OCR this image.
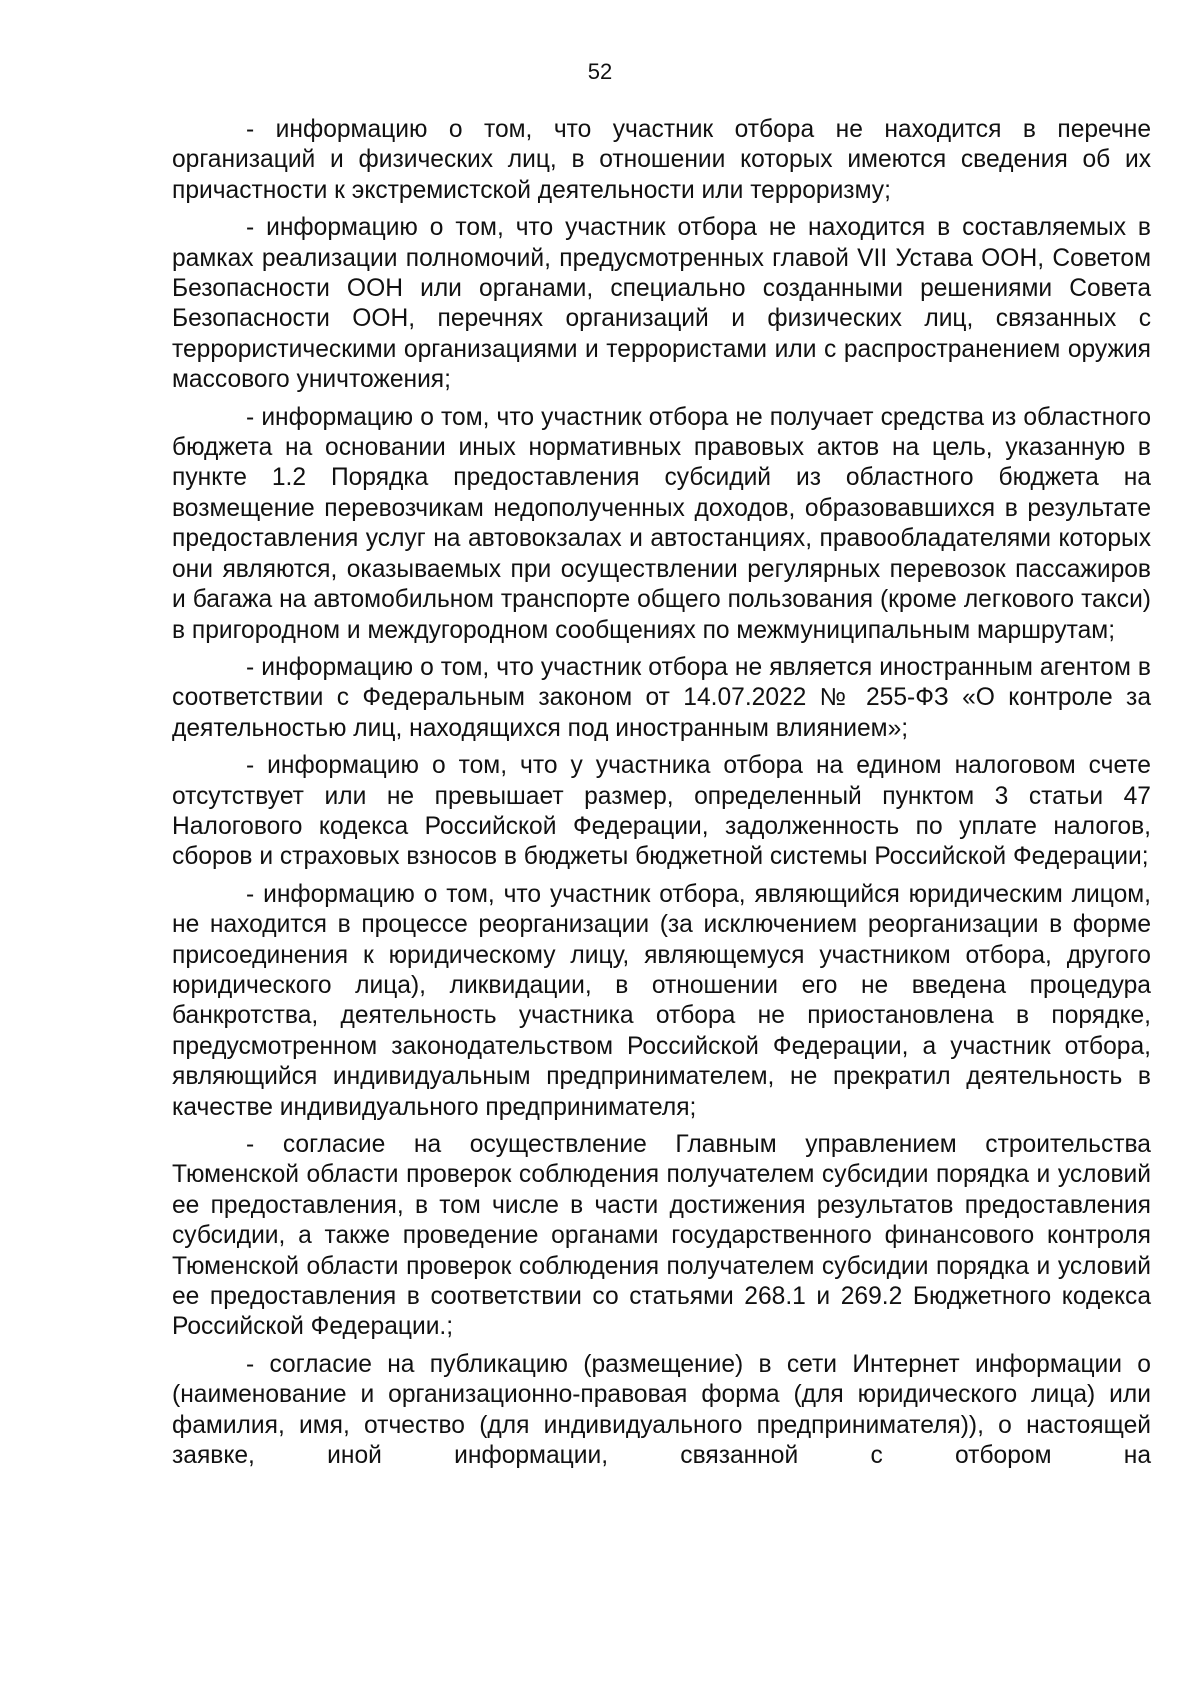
52

- информацию о том, что участник отбора не находится в перечне организаций и физических лиц, в отношении которых имеются сведения об их причастности к экстремистской деятельности или терроризму;

- информацию о том, что участник отбора не находится в составляемых в рамках реализации полномочий, предусмотренных главой VII Устава ООН, Советом Безопасности ООН или органами, специально созданными решениями Совета Безопасности ООН, перечнях организаций и физических лиц, связанных с террористическими организациями и террористами или с распространением оружия массового уничтожения;

- информацию о том, что участник отбора не получает средства из областного бюджета на основании иных нормативных правовых актов на цель, указанную в пункте 1.2 Порядка предоставления субсидий из областного бюджета на возмещение перевозчикам недополученных доходов, образовавшихся в результате предоставления услуг на автовокзалах и автостанциях, правообладателями которых они являются, оказываемых при осуществлении регулярных перевозок пассажиров и багажа на автомобильном транспорте общего пользования (кроме легкового такси) в пригородном и междугородном сообщениях по межмуниципальным маршрутам;

- информацию о том, что участник отбора не является иностранным агентом в соответствии с Федеральным законом от 14.07.2022 № 255-ФЗ «О контроле за деятельностью лиц, находящихся под иностранным влиянием»;

- информацию о том, что у участника отбора на едином налоговом счете отсутствует или не превышает размер, определенный пунктом 3 статьи 47 Налогового кодекса Российской Федерации, задолженность по уплате налогов, сборов и страховых взносов в бюджеты бюджетной системы Российской Федерации;

- информацию о том, что участник отбора, являющийся юридическим лицом, не находится в процессе реорганизации (за исключением реорганизации в форме присоединения к юридическому лицу, являющемуся участником отбора, другого юридического лица), ликвидации, в отношении его не введена процедура банкротства, деятельность участника отбора не приостановлена в порядке, предусмотренном законодательством Российской Федерации, а участник отбора, являющийся индивидуальным предпринимателем, не прекратил деятельность в качестве индивидуального предпринимателя;

- согласие на осуществление Главным управлением строительства Тюменской области проверок соблюдения получателем субсидии порядка и условий ее предоставления, в том числе в части достижения результатов предоставления субсидии, а также проведение органами государственного финансового контроля Тюменской области проверок соблюдения получателем субсидии порядка и условий ее предоставления в соответствии со статьями 268.1 и 269.2 Бюджетного кодекса Российской Федерации.;

- согласие на публикацию (размещение) в сети Интернет информации о (наименование и организационно-правовая форма (для юридического лица) или фамилия, имя, отчество (для индивидуального предпринимателя)), о настоящей заявке, иной информации, связанной с отбором на
